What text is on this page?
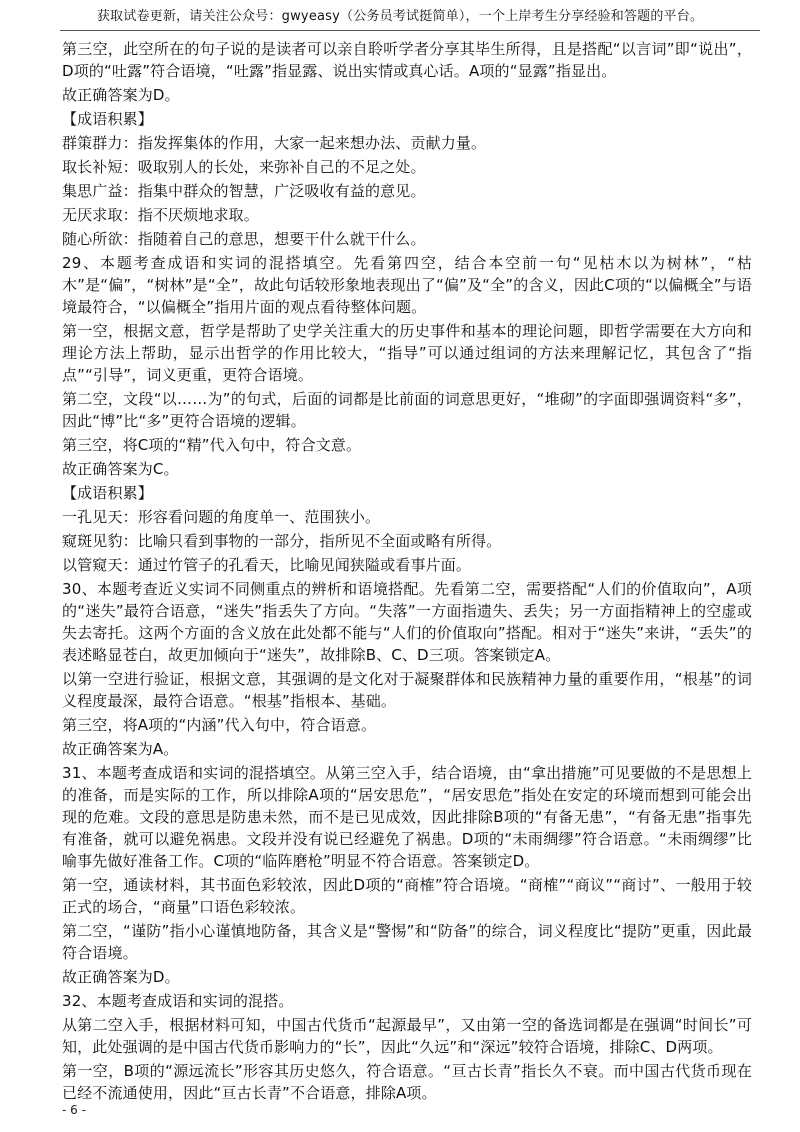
获取试卷更新，请关注公众号：gwyeasy（公务员考试挺简单），一个上岸考生分享经验和答题的平台。

第三空，此空所在的句子说的是读者可以亲自聆听学者分享其毕生所得，且是搭配“以言词”即“说出”，D项的“吐露”符合语境，“吐露”指显露、说出实情或真心话。A项的“显露”指显出。

故正确答案为D。

【成语积累】

群策群力：指发挥集体的作用，大家一起来想办法、贡献力量。

取长补短：吸取别人的长处，来弥补自己的不足之处。

集思广益：指集中群众的智慧，广泛吸收有益的意见。

无厌求取：指不厌烦地求取。

随心所欲：指随着自己的意思，想要干什么就干什么。

29、本题考查成语和实词的混搭填空。先看第四空，结合本空前一句“见枯木以为树林”，“枯木”是“偏”，“树林”是“全”，故此句话较形象地表现出了“偏”及“全”的含义，因此C项的“以偏概全”与语境最符合，“以偏概全”指用片面的观点看待整体问题。

第一空，根据文意，哲学是帮助了史学关注重大的历史事件和基本的理论问题，即哲学需要在大方向和理论方法上帮助，显示出哲学的作用比较大，“指导”可以通过组词的方法来理解记忆，其包含了“指点”“引导”，词义更重，更符合语境。

第二空，文段“以……为”的句式，后面的词都是比前面的词意思更好，“堆砌”的字面即强调资料“多”，因此“博”比“多”更符合语境的逻辑。

第三空，将C项的“精”代入句中，符合文意。

故正确答案为C。

【成语积累】

一孔见天：形容看问题的角度单一、范围狭小。

窥斑见豹：比喻只看到事物的一部分，指所见不全面或略有所得。

以管窥天：通过竹管子的孔看天，比喻见闻狭隘或看事片面。

30、本题考查近义实词不同侧重点的辨析和语境搭配。先看第二空，需要搭配“人们的价值取向”，A项的“迷失”最符合语意，“迷失”指丢失了方向。“失落”一方面指遗失、丢失；另一方面指精神上的空虚或失去寄托。这两个方面的含义放在此处都不能与“人们的价值取向”搭配。相对于“迷失”来讲，“丢失”的表述略显苍白，故更加倾向于“迷失”，故排除B、C、D三项。答案锁定A。

以第一空进行验证，根据文意，其强调的是文化对于凝聚群体和民族精神力量的重要作用，“根基”的词义程度最深，最符合语意。“根基”指根本、基础。

第三空，将A项的“内涵”代入句中，符合语意。

故正确答案为A。

31、本题考查成语和实词的混搭填空。从第三空入手，结合语境，由“拿出措施”可见要做的不是思想上的准备，而是实际的工作，所以排除A项的“居安思危”，“居安思危”指处在安定的环境而想到可能会出现的危难。文段的意思是防患未然，而不是已见成效，因此排除B项的“有备无患”，“有备无患”指事先有准备，就可以避免祸患。文段并没有说已经避免了祸患。D项的“未雨绸缪”符合语意。“未雨绸缪”比喻事先做好准备工作。C项的“临阵磨枪”明显不符合语意。答案锁定D。

第一空，通读材料，其书面色彩较浓，因此D项的“商榷”符合语境。“商榷”“商议”“商讨”、一般用于较正式的场合，“商量”口语色彩较浓。

第二空，“谨防”指小心谨慎地防备，其含义是“警惕”和“防备”的综合，词义程度比“提防”更重，因此最符合语境。

故正确答案为D。

32、本题考查成语和实词的混搭。

从第二空入手，根据材料可知，中国古代货币“起源最早”，又由第一空的备选词都是在强调“时间长”可知，此处强调的是中国古代货币影响力的“长”，因此“久远”和“深远”较符合语境，排除C、D两项。

第一空，B项的“源远流长”形容其历史悠久，符合语意。“亘古长青”指长久不衰。而中国古代货币现在已经不流通使用，因此“亘古长青”不合语意，排除A项。

- 6 -
